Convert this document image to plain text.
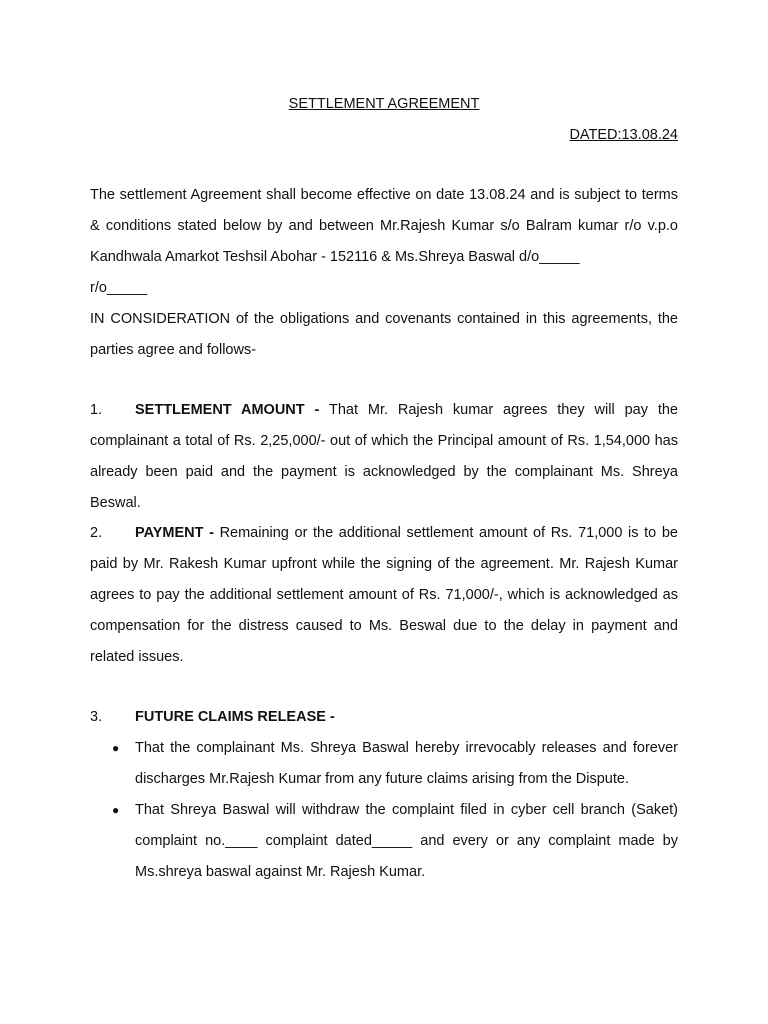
SETTLEMENT AGREEMENT
DATED:13.08.24
The settlement Agreement shall become effective on date 13.08.24 and is subject to terms & conditions stated below by and between Mr.Rajesh Kumar s/o Balram kumar r/o v.p.o Kandhwala Amarkot Teshsil Abohar - 152116 & Ms.Shreya Baswal d/o_____
r/o_____
IN CONSIDERATION of the obligations and covenants contained in this agreements, the parties agree and follows-
1. SETTLEMENT AMOUNT - That Mr. Rajesh kumar agrees they will pay the complainant a total of Rs. 2,25,000/- out of which the Principal amount of Rs. 1,54,000 has already been paid and the payment is acknowledged by the complainant Ms. Shreya Beswal.
2. PAYMENT - Remaining or the additional settlement amount of Rs. 71,000 is to be paid by Mr. Rakesh Kumar upfront while the signing of the agreement. Mr. Rajesh Kumar agrees to pay the additional settlement amount of Rs. 71,000/-, which is acknowledged as compensation for the distress caused to Ms. Beswal due to the delay in payment and related issues.
3. FUTURE CLAIMS RELEASE -
● That the complainant Ms. Shreya Baswal hereby irrevocably releases and forever discharges Mr.Rajesh Kumar from any future claims arising from the Dispute.
● That Shreya Baswal will withdraw the complaint filed in cyber cell branch (Saket) complaint no.____ complaint dated_____ and every or any complaint made by Ms.shreya baswal against Mr. Rajesh Kumar.
